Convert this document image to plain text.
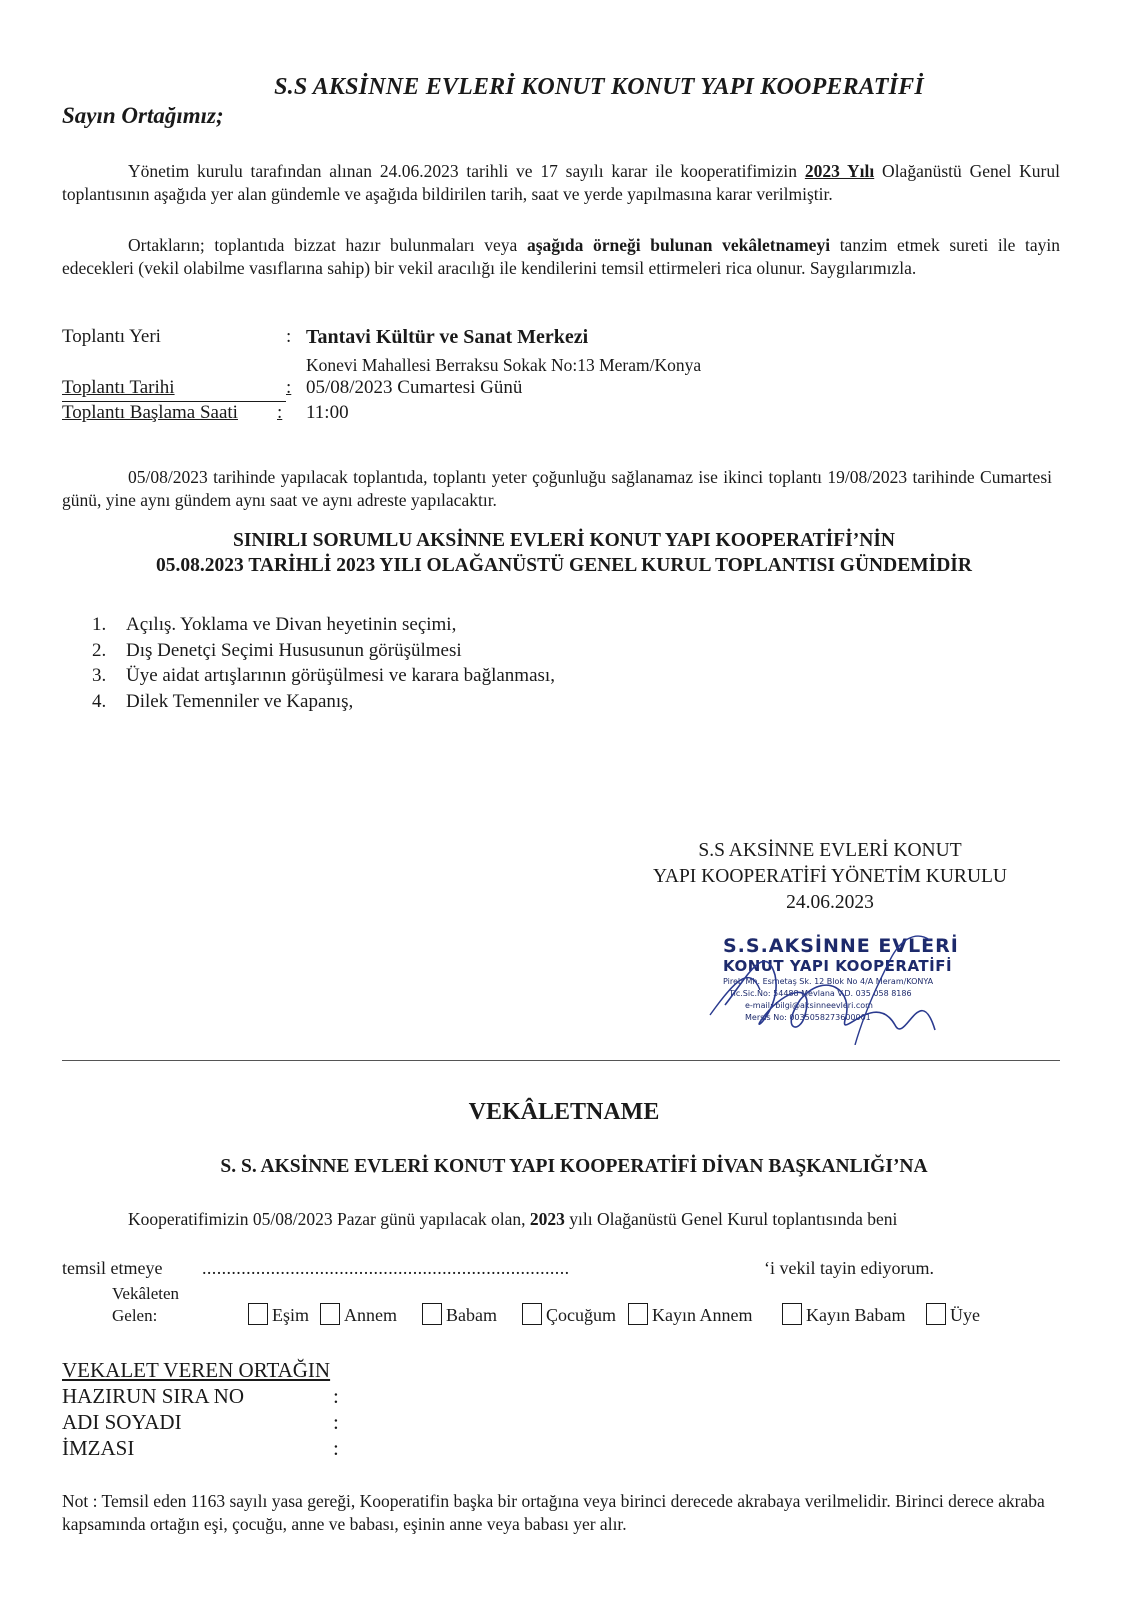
S.S AKSİNNE EVLERİ KONUT KONUT YAPI KOOPERATİFİ
Sayın Ortağımız;
Yönetim kurulu tarafından alınan 24.06.2023 tarihli ve 17 sayılı karar ile kooperatifimizin 2023 Yılı Olağanüstü Genel Kurul toplantısının aşağıda yer alan gündemle ve aşağıda bildirilen tarih, saat ve yerde yapılmasına karar verilmiştir.
Ortakların; toplantıda bizzat hazır bulunmaları veya aşağıda örneği bulunan vekâletnameyi tanzim etmek sureti ile tayin edecekleri (vekil olabilme vasıflarına sahip) bir vekil aracılığı ile kendilerini temsil ettirmeleri rica olunur. Saygılarımızla.
Toplantı Yeri	: Tantavi Kültür ve Sanat Merkezi
Konevi Mahallesi Berraksu Sokak No:13 Meram/Konya
Toplantı Tarihi	: 05/08/2023 Cumartesi Günü
Toplantı Başlama Saati : 11:00
05/08/2023 tarihinde yapılacak toplantıda, toplantı yeter çoğunluğu sağlanamaz ise ikinci toplantı 19/08/2023 tarihinde Cumartesi günü, yine aynı gündem aynı saat ve aynı adreste yapılacaktır.
SINIRLI SORUMLU AKSİNNE EVLERİ KONUT YAPI KOOPERATİFİ’NİN
05.08.2023 TARİHLİ 2023 YILI OLAĞANÜSTÜ GENEL KURUL TOPLANTISI GÜNDEMİDİR
1. Açılış. Yoklama ve Divan heyetinin seçimi,
2. Dış Denetçi Seçimi Hususunun görüşülmesi
3. Üye aidat artışlarının görüşülmesi ve karara bağlanması,
4. Dilek Temenniler ve Kapanış,
S.S AKSİNNE EVLERİ KONUT
YAPI KOOPERATİFİ YÖNETİM KURULU
24.06.2023
S.S.AKSİNNE EVLERİ
KONUT YAPI KOOPERATİFİ
Pireb Mh. Esmetaş Sk. 12 Blok No 4/A Meram/KONYA
Tic.Sic.No: 54488 Mevlana V.D. 035 058 8186
e-mail: bilgi@aksinneevleri.com
Mersis No: 0035058273600001
VEKÂLETNAME
S. S. AKSİNNE EVLERİ KONUT YAPI KOOPERATİFİ DİVAN BAŞKANLIĞI’NA
Kooperatifimizin 05/08/2023 Pazar günü yapılacak olan, 2023 yılı Olağanüstü Genel Kurul toplantısında beni
temsil etmeye ...........................................................................	‘i vekil tayin ediyorum.
Vekâleten
Gelen:	Eşim	Annem	Babam	Çocuğum	Kayın Annem	Kayın Babam	Üye
VEKALET VEREN ORTAĞIN
HAZIRUN SIRA NO	:
ADI SOYADI	:
İMZASI	:
Not : Temsil eden 1163 sayılı yasa gereği, Kooperatifin başka bir ortağına veya birinci derecede akrabaya verilmelidir. Birinci derece akraba kapsamında ortağın eşi, çocuğu, anne ve babası, eşinin anne veya babası yer alır.
